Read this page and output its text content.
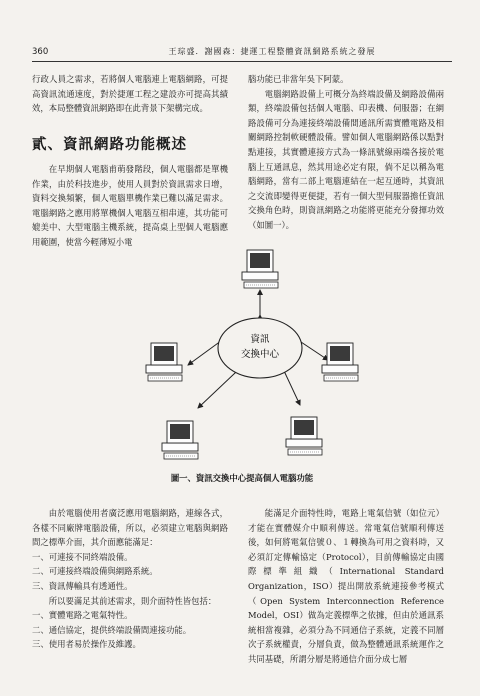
360	王琮盛．謝國森：捷運工程整體資訊網路系統之發展

行政人員之需求，若將個人電腦連上電腦網路，可提高資訊流通速度，對於捷運工程之建設亦可提高其績效，本局整體資訊網路即在此背景下架構完成。

貳、資訊網路功能概述

在早期個人電腦甫萌發階段，個人電腦都是單機作業，由於科技進步，使用人員對於資訊需求日增，資料交換頻繁，個人電腦單機作業已難以滿足需求。電腦網路之應用將單機個人電腦互相串連，其功能可媲美中、大型電腦主機系統，提高桌上型個人電腦應用範圍，使當今輕薄短小電

腦功能已非當年吳下阿蒙。

電腦網路設備上可概分為終端設備及網路設備兩類，終端設備包括個人電腦、印表機、伺服器；在網路設備可分為連接終端設備間通訊所需實體電路及相關網路控制軟硬體設備。譬如個人電腦網路係以點對點連接，其實體連接方式為一條訊號線兩端各接於電腦上互通訊息，然其用途必定有限，倘不足以稱為電腦網路，當有二部上電腦連結在一起互通時，其資訊之交流即變得更便捷，若有一個大型伺服器擔任資訊交換角色時，則資訊網路之功能將更能充分發揮功效（如圖一）。

資訊
交換中心
圖一、資訊交換中心提高個人電腦功能

由於電腦使用者廣泛應用電腦網路，連線各式，各樣不同廠牌電腦設備，所以，必須建立電腦與網路間之標準介面，其介面應能滿足：

一、可連接不同終端設備。
二、可連接終端設備與網路系統。
三、資訊傳輸具有透通性。

所以要滿足其前述需求，則介面特性皆包括：

一、實體電路之電氣特性。
二、通信協定，提供終端設備間連接功能。
三、使用者易於操作及維護。

能滿足介面特性時，電路上電氣信號（如位元）才能在實體媒介中順利傳送。常電氣信號順利傳送後，如何將電氣信號０、１轉換為可用之資料時，又必須訂定傳輸協定（Protocol），目前傳輸協定由國際標準組織（International Standard Organization，ISO）提出開放系統連接參考模式（Open System Interconnection Reference Model，OSI）做為定義標準之依據，但由於通訊系統相當複雜，必須分為不同通信子系統，定義不同層次子系統權責，分層負責，做為整體通訊系統運作之共同基礎，所謂分層是將通信介面分成七層
